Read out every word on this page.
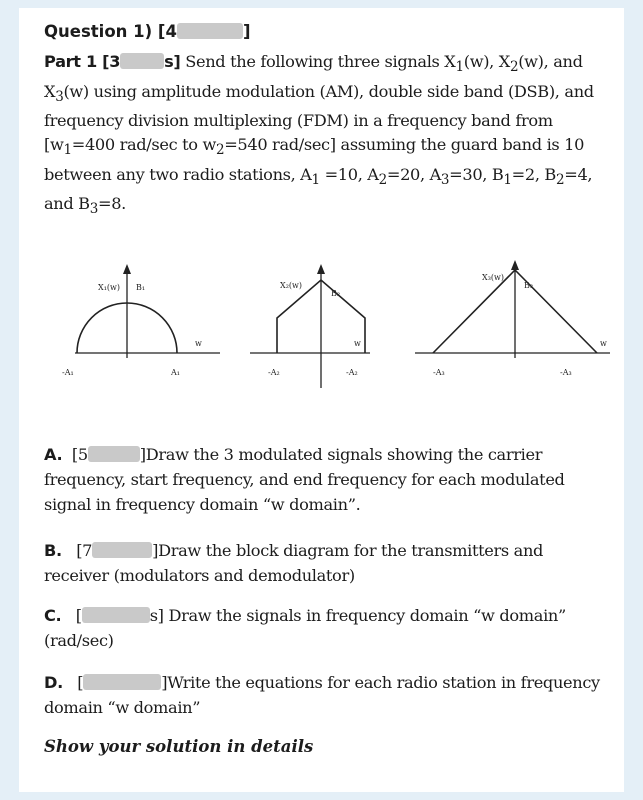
Question 1) [4	]
Part 1 [3	s] Send the following three signals $X_1(w)$, $X_2(w)$, and $X_3(w)$ using amplitude modulation (AM), double side band (DSB), and frequency division multiplexing (FDM) in a frequency band from [$w_1=400$ rad/sec to $w_2=540$ rad/sec] assuming the guard band is 10 between any two radio stations, $A_1 =10$, $A_2=20$, $A_3=30$, $B_1=2$, $B_2=4$, and $B_3=8$.
X₁(w) B₁
-A₁	A₁
w
X₂(w)
B₂
-A₂	-A₂
w
X₃(w)
B₃
-A₃	-A₃
w
A. [5	]Draw the 3 modulated signals showing the carrier frequency, start frequency, and end frequency for each modulated signal in frequency domain “w domain”.
B. [7	]Draw the block diagram for the transmitters and receiver (modulators and demodulator)
C. [	s] Draw the signals in frequency domain “w domain” (rad/sec)
D. [	]Write the equations for each radio station in frequency domain “w domain”
Show your solution in details
